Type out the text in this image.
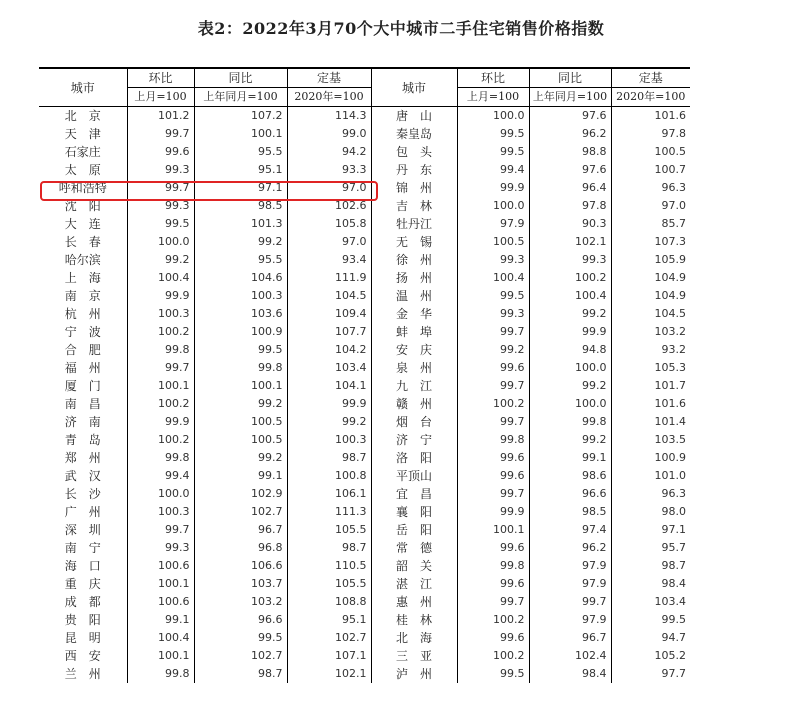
表2：2022年3月70个大中城市二手住宅销售价格指数
城市	环比	同比	定基	城市	环比	同比	定基
	上月=100	上年同月=100	2020年=100		上月=100	上年同月=100	2020年=100
北　京	101.2	107.2	114.3	唐　山	100.0	97.6	101.6
天　津	99.7	100.1	99.0	秦皇岛	99.5	96.2	97.8
石家庄	99.6	95.5	94.2	包　头	99.5	98.8	100.5
太　原	99.3	95.1	93.3	丹　东	99.4	97.6	100.7
呼和浩特	99.7	97.1	97.0	锦　州	99.9	96.4	96.3
沈　阳	99.3	98.5	102.6	吉　林	100.0	97.8	97.0
大　连	99.5	101.3	105.8	牡丹江	97.9	90.3	85.7
长　春	100.0	99.2	97.0	无　锡	100.5	102.1	107.3
哈尔滨	99.2	95.5	93.4	徐　州	99.3	99.3	105.9
上　海	100.4	104.6	111.9	扬　州	100.4	100.2	104.9
南　京	99.9	100.3	104.5	温　州	99.5	100.4	104.9
杭　州	100.3	103.6	109.4	金　华	99.3	99.2	104.5
宁　波	100.2	100.9	107.7	蚌　埠	99.7	99.9	103.2
合　肥	99.8	99.5	104.2	安　庆	99.2	94.8	93.2
福　州	99.7	99.8	103.4	泉　州	99.6	100.0	105.3
厦　门	100.1	100.1	104.1	九　江	99.7	99.2	101.7
南　昌	100.2	99.2	99.9	赣　州	100.2	100.0	101.6
济　南	99.9	100.5	99.2	烟　台	99.7	99.8	101.4
青　岛	100.2	100.5	100.3	济　宁	99.8	99.2	103.5
郑　州	99.8	99.2	98.7	洛　阳	99.6	99.1	100.9
武　汉	99.4	99.1	100.8	平顶山	99.6	98.6	101.0
长　沙	100.0	102.9	106.1	宜　昌	99.7	96.6	96.3
广　州	100.3	102.7	111.3	襄　阳	99.9	98.5	98.0
深　圳	99.7	96.7	105.5	岳　阳	100.1	97.4	97.1
南　宁	99.3	96.8	98.7	常　德	99.6	96.2	95.7
海　口	100.6	106.6	110.5	韶　关	99.8	97.9	98.7
重　庆	100.1	103.7	105.5	湛　江	99.6	97.9	98.4
成　都	100.6	103.2	108.8	惠　州	99.7	99.7	103.4
贵　阳	99.1	96.6	95.1	桂　林	100.2	97.9	99.5
昆　明	100.4	99.5	102.7	北　海	99.6	96.7	94.7
西　安	100.1	102.7	107.1	三　亚	100.2	102.4	105.2
兰　州	99.8	98.7	102.1	泸　州	99.5	98.4	97.7
